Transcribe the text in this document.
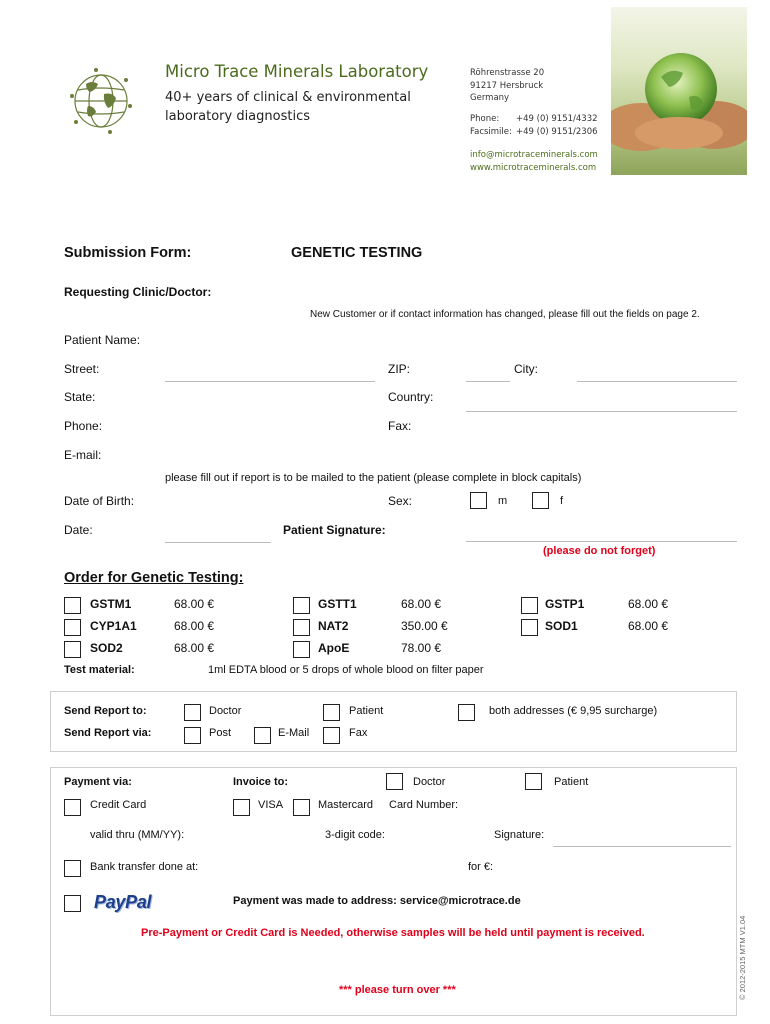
Micro Trace Minerals Laboratory
40+ years of clinical & environmental
laboratory diagnostics
Röhrenstrasse 20
91217 Hersbruck
Germany
Phone: +49 (0) 9151/4332
Facsimile: +49 (0) 9151/2306
info@microtraceminerals.com
www.microtraceminerals.com
Submission Form:	GENETIC TESTING
Requesting Clinic/Doctor:
New Customer or if contact information has changed, please fill out the fields on page 2.
Patient Name:
Street:	ZIP:	City:
State:	Country:
Phone:	Fax:
E-mail:
please fill out if report is to be mailed to the patient (please complete in block capitals)
Date of Birth:	Sex:	m	f
Date:	Patient Signature:
(please do not forget)
Order for Genetic Testing:
GSTM1	68.00 €	GSTT1	68.00 €	GSTP1	68.00 €
CYP1A1	68.00 €	NAT2	350.00 €	SOD1	68.00 €
SOD2	68.00 €	ApoE	78.00 €
Test material:	1ml EDTA blood or 5 drops of whole blood on filter paper
Send Report to:	Doctor	Patient	both addresses (€ 9,95 surcharge)
Send Report via:	Post	E-Mail	Fax
Payment via:	Invoice to:	Doctor	Patient
Credit Card	VISA	Mastercard Card Number:
valid thru (MM/YY):	3-digit code:	Signature:
Bank transfer done at:	for €:
PayPal	Payment was made to address: service@microtrace.de
Pre-Payment or Credit Card is Needed, otherwise samples will be held until payment is received.
*** please turn over ***	© 2012-2015 MTM V1.04
